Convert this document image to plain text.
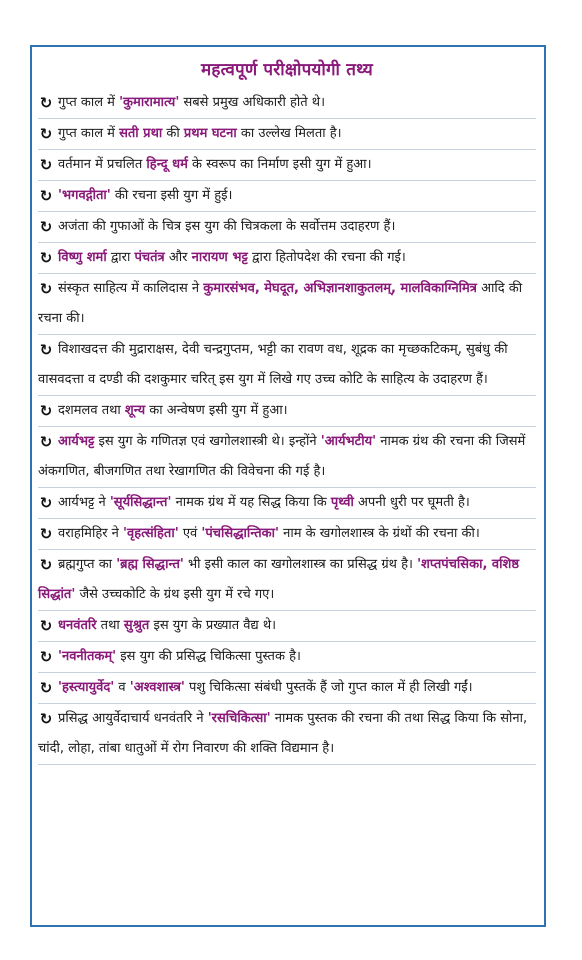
महत्वपूर्ण परीक्षोपयोगी तथ्य
↻ गुप्त काल में 'कुमारामात्य' सबसे प्रमुख अधिकारी होते थे।
↻ गुप्त काल में सती प्रथा की प्रथम घटना का उल्लेख मिलता है।
↻ वर्तमान में प्रचलित हिन्दू धर्म के स्वरूप का निर्माण इसी युग में हुआ।
↻ 'भगवद्गीता' की रचना इसी युग में हुई।
↻ अजंता की गुफाओं के चित्र इस युग की चित्रकला के सर्वोत्तम उदाहरण हैं।
↻ विष्णु शर्मा द्वारा पंचतंत्र और नारायण भट्ट द्वारा हितोपदेश की रचना की गई।
↻ संस्कृत साहित्य में कालिदास ने कुमारसंभव, मेघदूत, अभिज्ञानशाकुतलम्, मालविकाग्निमित्र आदि की रचना की।
↻ विशाखदत्त की मुद्राराक्षस, देवी चन्द्रगुप्तम, भट्टी का रावण वध, शूद्रक का मृच्छकटिकम्, सुबंधु की वासवदत्ता व दण्डी की दशकुमार चरित् इस युग में लिखे गए उच्च कोटि के साहित्य के उदाहरण हैं।
↻ दशमलव तथा शून्य का अन्वेषण इसी युग में हुआ।
↻ आर्यभट्ट इस युग के गणितज्ञ एवं खगोलशास्त्री थे। इन्होंने 'आर्यभटीय' नामक ग्रंथ की रचना की जिसमें अंकगणित, बीजगणित तथा रेखागणित की विवेचना की गई है।
↻ आर्यभट्ट ने 'सूर्यसिद्धान्त' नामक ग्रंथ में यह सिद्ध किया कि पृथ्वी अपनी धुरी पर घूमती है।
↻ वराहमिहिर ने 'वृहत्संहिता' एवं 'पंचसिद्धान्तिका' नाम के खगोलशास्त्र के ग्रंथों की रचना की।
↻ ब्रह्मगुप्त का 'ब्रह्म सिद्धान्त' भी इसी काल का खगोलशास्त्र का प्रसिद्ध ग्रंथ है। 'शप्तपंचसिका, वशिष्ठ सिद्धांत' जैसे उच्चकोटि के ग्रंथ इसी युग में रचे गए।
↻ धनवंतरि तथा सुश्रुत इस युग के प्रख्यात वैद्य थे।
↻ 'नवनीतकम्' इस युग की प्रसिद्ध चिकित्सा पुस्तक है।
↻ 'हस्त्यायुर्वेद' व 'अश्वशास्त्र' पशु चिकित्सा संबंधी पुस्तकें हैं जो गुप्त काल में ही लिखी गईं।
↻ प्रसिद्ध आयुर्वेदाचार्य धनवंतरि ने 'रसचिकित्सा' नामक पुस्तक की रचना की तथा सिद्ध किया कि सोना, चांदी, लोहा, तांबा धातुओं में रोग निवारण की शक्ति विद्यमान है।
